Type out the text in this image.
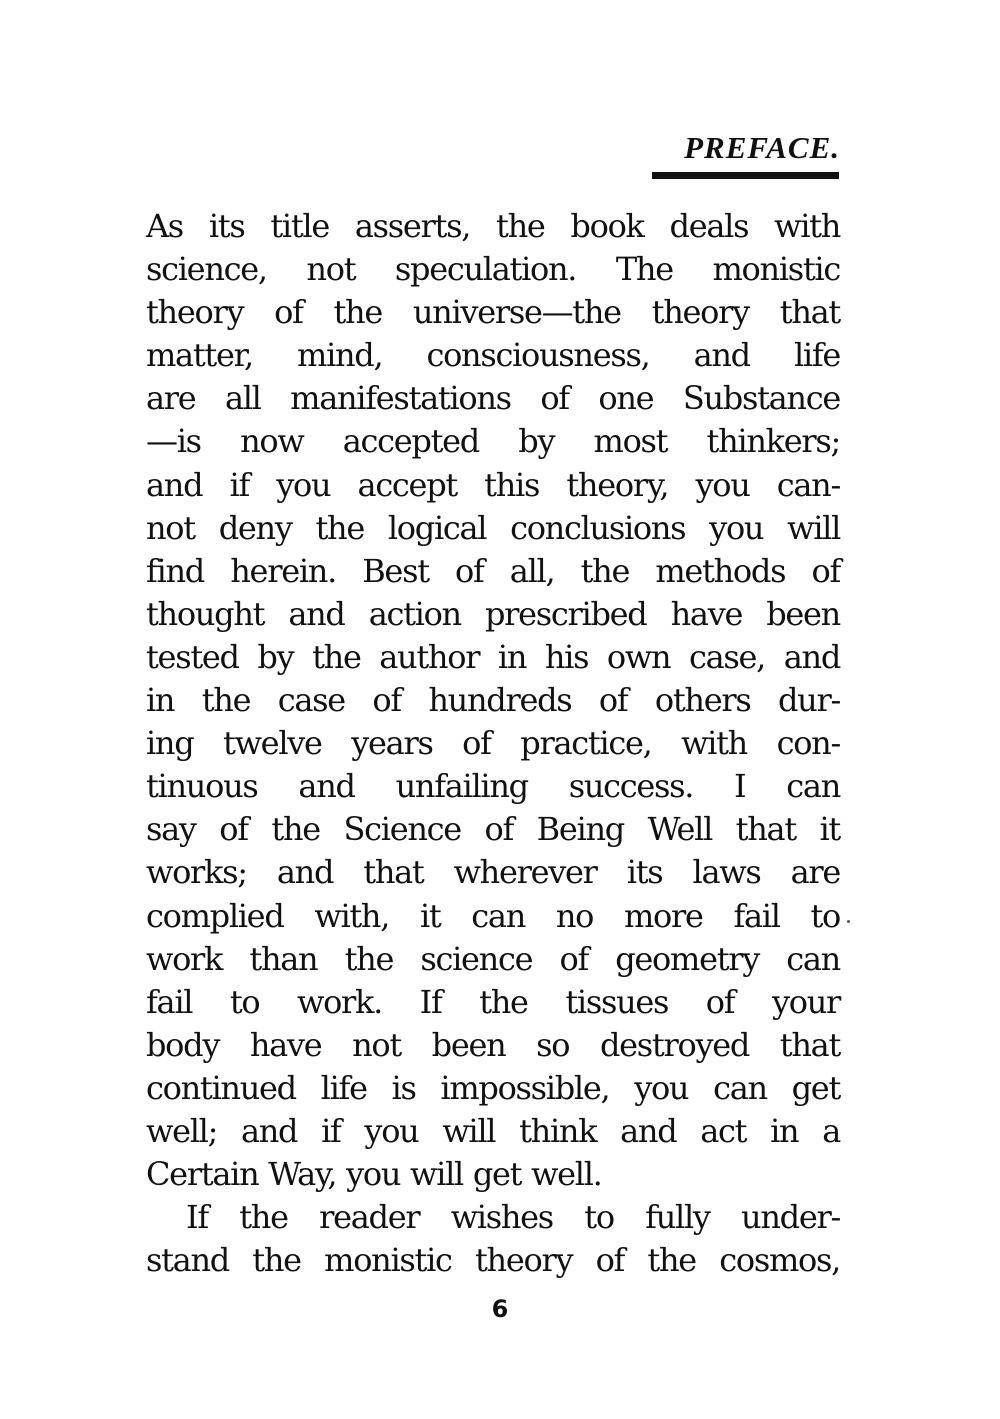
PREFACE.
As its title asserts, the book deals with
science, not speculation. The monistic
theory of the universe—the theory that
matter, mind, consciousness, and life
are all manifestations of one Substance
—is now accepted by most thinkers;
and if you accept this theory, you can-
not deny the logical conclusions you will
find herein. Best of all, the methods of
thought and action prescribed have been
tested by the author in his own case, and
in the case of hundreds of others dur-
ing twelve years of practice, with con-
tinuous and unfailing success. I can
say of the Science of Being Well that it
works; and that wherever its laws are
complied with, it can no more fail to
work than the science of geometry can
fail to work. If the tissues of your
body have not been so destroyed that
continued life is impossible, you can get
well; and if you will think and act in a
Certain Way, you will get well.
If the reader wishes to fully under-
stand the monistic theory of the cosmos,
6
